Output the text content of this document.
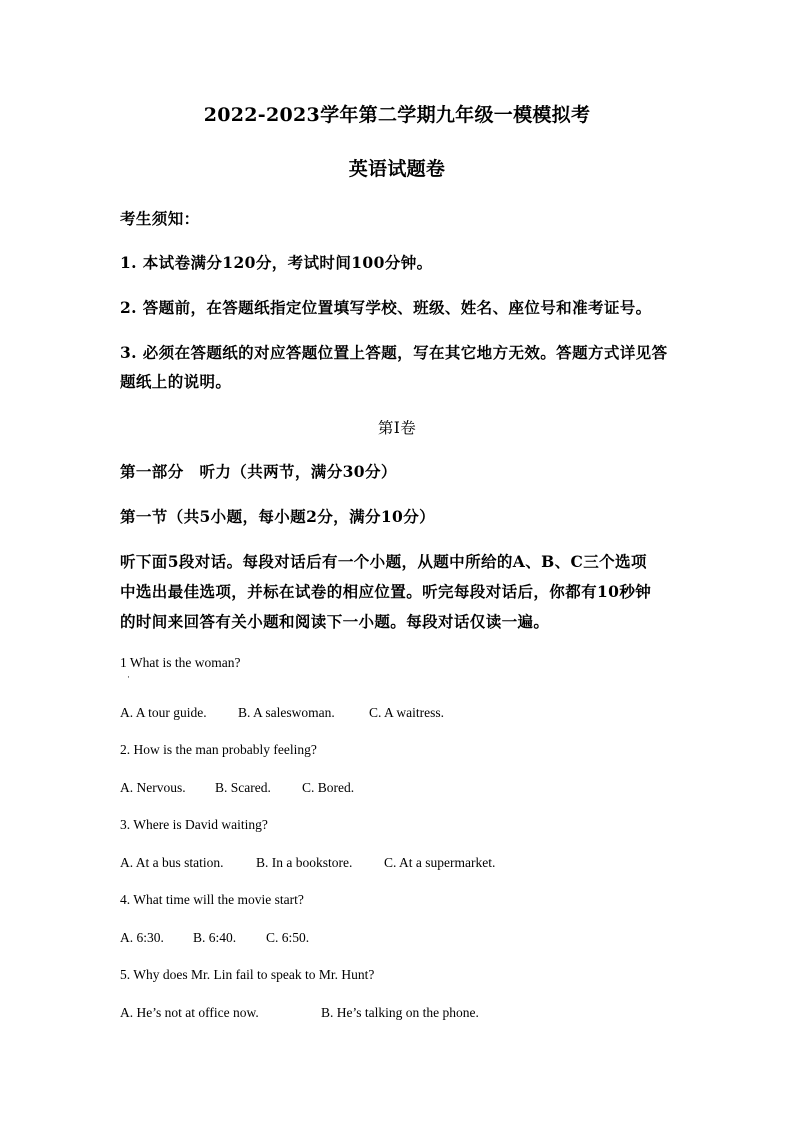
2022-2023学年第二学期九年级一模模拟考
英语试题卷
考生须知：
1. 本试卷满分120分，考试时间100分钟。
2. 答题前，在答题纸指定位置填写学校、班级、姓名、座位号和准考证号。
3. 必须在答题纸的对应答题位置上答题，写在其它地方无效。答题方式详见答
题纸上的说明。
第Ⅰ卷
第一部分　听力（共两节，满分30分）
第一节（共5小题，每小题2分，满分10分）
听下面5段对话。每段对话后有一个小题，从题中所给的A、B、C三个选项
中选出最佳选项，并标在试卷的相应位置。听完每段对话后，你都有10秒钟
的时间来回答有关小题和阅读下一小题。每段对话仅读一遍。
1 What is the woman?
·
A. A tour guide. B. A saleswoman.	C. A waitress.
2. How is the man probably feeling?
A. Nervous. B. Scared. C. Bored.
3. Where is David waiting?
A. At a bus station. B. In a bookstore. C. At a supermarket.
4. What time will the movie start?
A. 6:30. B. 6:40. C. 6:50.
5. Why does Mr. Lin fail to speak to Mr. Hunt?
A. He’s not at office now.	B. He’s talking on the phone.
